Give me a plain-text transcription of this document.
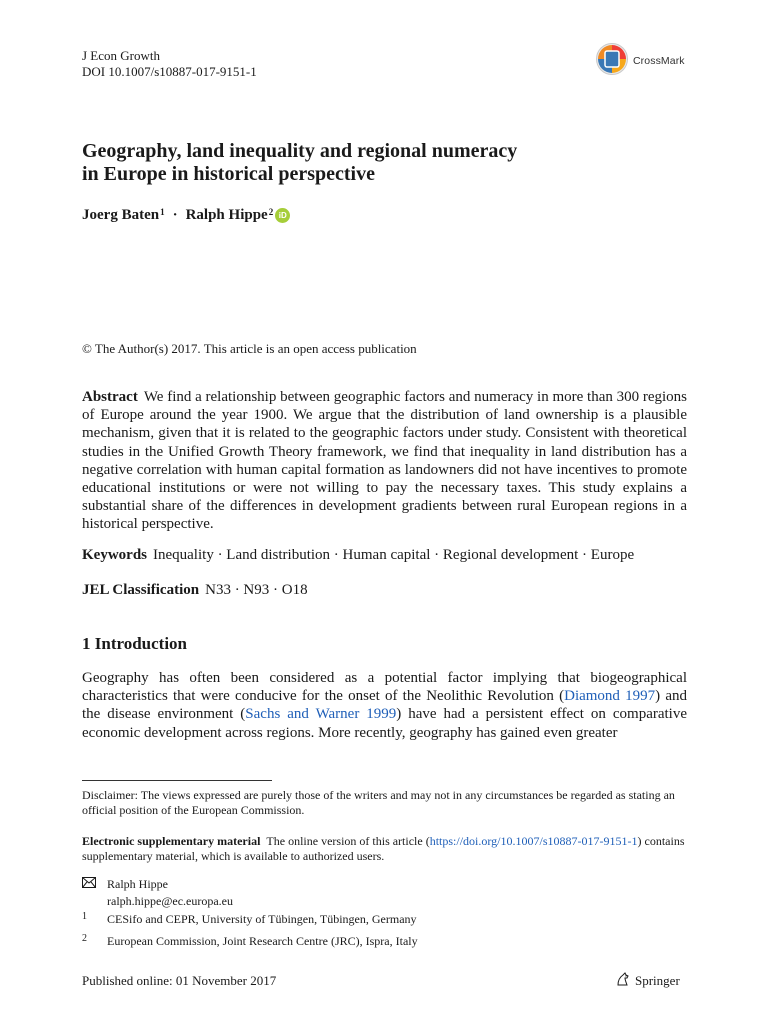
J Econ Growth
DOI 10.1007/s10887-017-9151-1
CrossMark
Geography, land inequality and regional numeracy
in Europe in historical perspective
Joerg Baten$^1$ · Ralph Hippe$^2$ iD
© The Author(s) 2017. This article is an open access publication
Abstract We find a relationship between geographic factors and numeracy in more than 300 regions of Europe around the year 1900. We argue that the distribution of land ownership is a plausible mechanism, given that it is related to the geographic factors under study. Consistent with theoretical studies in the Unified Growth Theory framework, we find that inequality in land distribution has a negative correlation with human capital formation as landowners did not have incentives to promote educational institutions or were not willing to pay the necessary taxes. This study explains a substantial share of the differences in development gradients between rural European regions in a historical perspective.
Keywords Inequality · Land distribution · Human capital · Regional development · Europe
JEL Classification N33 · N93 · O18
1 Introduction
Geography has often been considered as a potential factor implying that biogeographical characteristics that were conducive for the onset of the Neolithic Revolution (Diamond 1997) and the disease environment (Sachs and Warner 1999) have had a persistent effect on comparative economic development across regions. More recently, geography has gained even greater
Disclaimer: The views expressed are purely those of the writers and may not in any circumstances be regarded as stating an official position of the European Commission.
Electronic supplementary material The online version of this article (https://doi.org/10.1007/s10887-017-9151-1) contains supplementary material, which is available to authorized users.
Ralph Hippe
ralph.hippe@ec.europa.eu
1	CESifo and CEPR, University of Tübingen, Tübingen, Germany
2	European Commission, Joint Research Centre (JRC), Ispra, Italy
Published online: 01 November 2017	Springer
